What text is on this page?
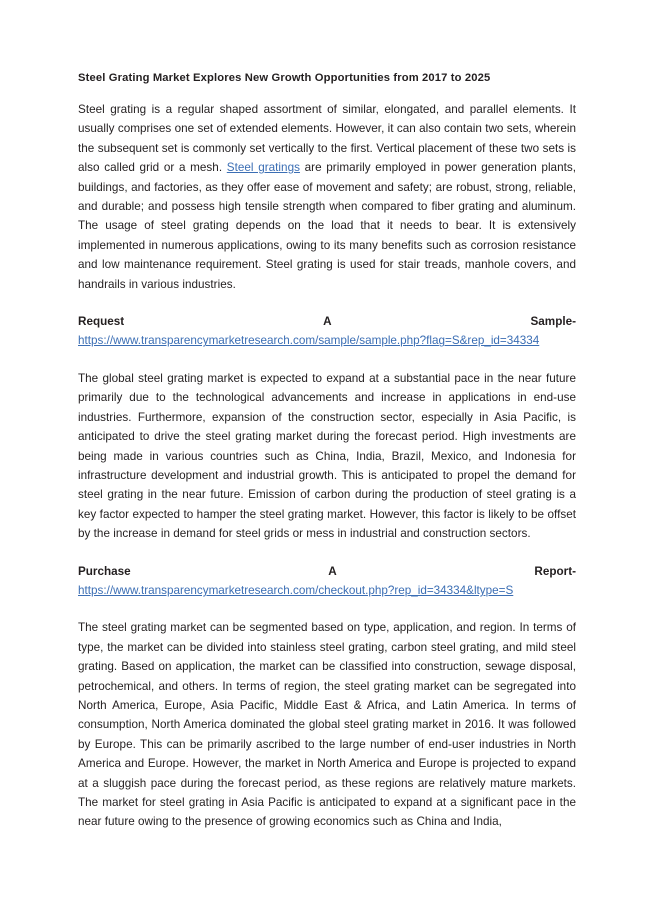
Steel Grating Market Explores New Growth Opportunities from 2017 to 2025

Steel grating is a regular shaped assortment of similar, elongated, and parallel elements. It usually comprises one set of extended elements. However, it can also contain two sets, wherein the subsequent set is commonly set vertically to the first. Vertical placement of these two sets is also called grid or a mesh. Steel gratings are primarily employed in power generation plants, buildings, and factories, as they offer ease of movement and safety; are robust, strong, reliable, and durable; and possess high tensile strength when compared to fiber grating and aluminum. The usage of steel grating depends on the load that it needs to bear. It is extensively implemented in numerous applications, owing to its many benefits such as corrosion resistance and low maintenance requirement. Steel grating is used for stair treads, manhole covers, and handrails in various industries.

Request	A	Sample-
https://www.transparencymarketresearch.com/sample/sample.php?flag=S&rep_id=34334

The global steel grating market is expected to expand at a substantial pace in the near future primarily due to the technological advancements and increase in applications in end-use industries. Furthermore, expansion of the construction sector, especially in Asia Pacific, is anticipated to drive the steel grating market during the forecast period. High investments are being made in various countries such as China, India, Brazil, Mexico, and Indonesia for infrastructure development and industrial growth. This is anticipated to propel the demand for steel grating in the near future. Emission of carbon during the production of steel grating is a key factor expected to hamper the steel grating market. However, this factor is likely to be offset by the increase in demand for steel grids or mess in industrial and construction sectors.

Purchase	A	Report-
https://www.transparencymarketresearch.com/checkout.php?rep_id=34334&ltype=S

The steel grating market can be segmented based on type, application, and region. In terms of type, the market can be divided into stainless steel grating, carbon steel grating, and mild steel grating. Based on application, the market can be classified into construction, sewage disposal, petrochemical, and others. In terms of region, the steel grating market can be segregated into North America, Europe, Asia Pacific, Middle East & Africa, and Latin America. In terms of consumption, North America dominated the global steel grating market in 2016. It was followed by Europe. This can be primarily ascribed to the large number of end-user industries in North America and Europe. However, the market in North America and Europe is projected to expand at a sluggish pace during the forecast period, as these regions are relatively mature markets. The market for steel grating in Asia Pacific is anticipated to expand at a significant pace in the near future owing to the presence of growing economics such as China and India,
